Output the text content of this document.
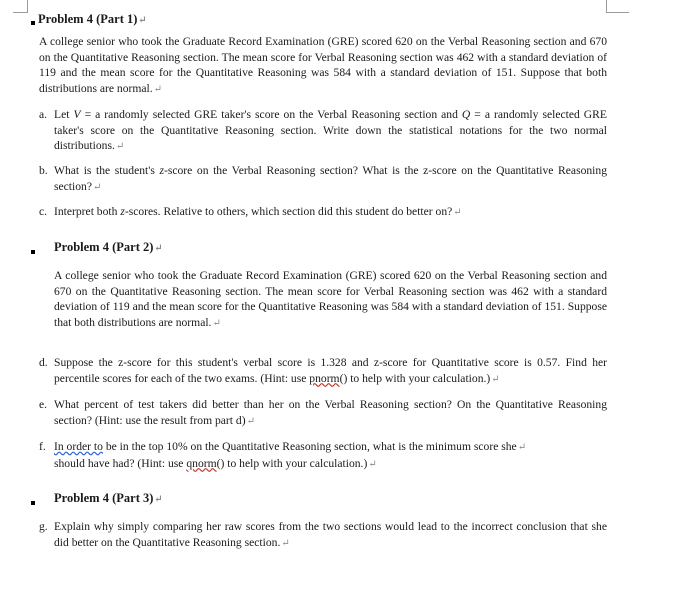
Problem 4 (Part 1)↵
A college senior who took the Graduate Record Examination (GRE) scored 620 on the Verbal Reasoning section and 670 on the Quantitative Reasoning section. The mean score for Verbal Reasoning section was 462 with a standard deviation of 119 and the mean score for the Quantitative Reasoning was 584 with a standard deviation of 151. Suppose that both distributions are normal.↵
a. Let V = a randomly selected GRE taker's score on the Verbal Reasoning section and Q = a randomly selected GRE taker's score on the Quantitative Reasoning section. Write down the statistical notations for the two normal distributions.↵
b. What is the student's z-score on the Verbal Reasoning section? What is the z-score on the Quantitative Reasoning section?↵
c. Interpret both z-scores. Relative to others, which section did this student do better on?↵
Problem 4 (Part 2)↵
A college senior who took the Graduate Record Examination (GRE) scored 620 on the Verbal Reasoning section and 670 on the Quantitative Reasoning section. The mean score for Verbal Reasoning section was 462 with a standard deviation of 119 and the mean score for the Quantitative Reasoning was 584 with a standard deviation of 151. Suppose that both distributions are normal.↵
d. Suppose the z-score for this student's verbal score is 1.328 and z-score for Quantitative score is 0.57. Find her percentile scores for each of the two exams. (Hint: use pnorm() to help with your calculation.)↵
e. What percent of test takers did better than her on the Verbal Reasoning section? On the Quantitative Reasoning section? (Hint: use the result from part d)↵
f. In order to be in the top 10% on the Quantitative Reasoning section, what is the minimum score she↵
should have had? (Hint: use qnorm() to help with your calculation.)↵
Problem 4 (Part 3)↵
g. Explain why simply comparing her raw scores from the two sections would lead to the incorrect conclusion that she did better on the Quantitative Reasoning section.↵
